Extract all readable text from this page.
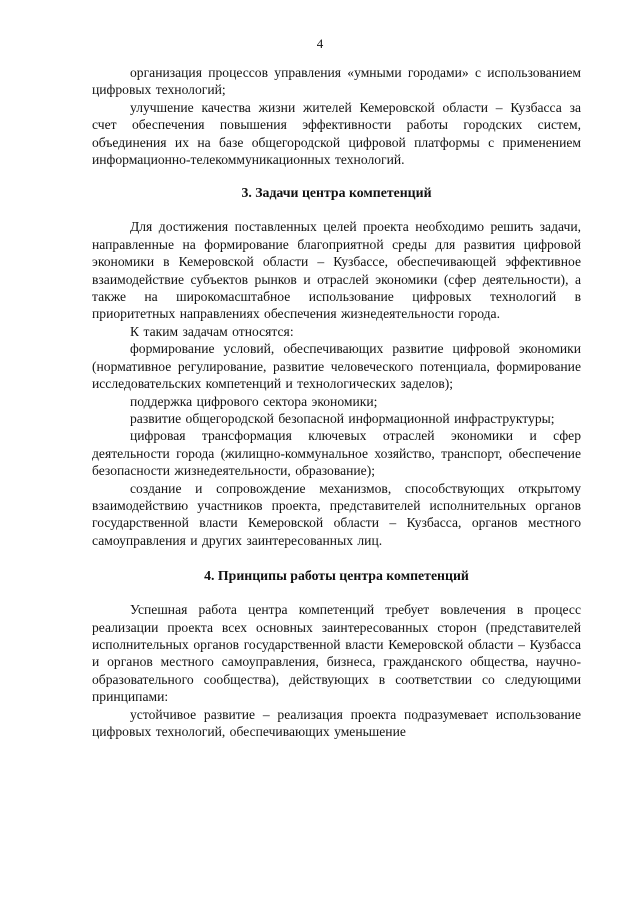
4

организация процессов управления «умными городами» с использованием цифровых технологий;

улучшение качества жизни жителей Кемеровской области – Кузбасса за счет обеспечения повышения эффективности работы городских систем, объединения их на базе общегородской цифровой платформы с применением информационно-телекоммуникационных технологий.

3. Задачи центра компетенций

Для достижения поставленных целей проекта необходимо решить задачи, направленные на формирование благоприятной среды для развития цифровой экономики в Кемеровской области – Кузбассе, обеспечивающей эффективное взаимодействие субъектов рынков и отраслей экономики (сфер деятельности), а также на широкомасштабное использование цифровых технологий в приоритетных направлениях обеспечения жизнедеятельности города.

К таким задачам относятся:

формирование условий, обеспечивающих развитие цифровой экономики (нормативное регулирование, развитие человеческого потенциала, формирование исследовательских компетенций и технологических заделов);

поддержка цифрового сектора экономики;

развитие общегородской безопасной информационной инфраструктуры;

цифровая трансформация ключевых отраслей экономики и сфер деятельности города (жилищно-коммунальное хозяйство, транспорт, обеспечение безопасности жизнедеятельности, образование);

создание и сопровождение механизмов, способствующих открытому взаимодействию участников проекта, представителей исполнительных органов государственной власти Кемеровской области – Кузбасса, органов местного самоуправления и других заинтересованных лиц.

4. Принципы работы центра компетенций

Успешная работа центра компетенций требует вовлечения в процесс реализации проекта всех основных заинтересованных сторон (представителей исполнительных органов государственной власти Кемеровской области – Кузбасса и органов местного самоуправления, бизнеса, гражданского общества, научно-образовательного сообщества), действующих в соответствии со следующими принципами:

устойчивое развитие – реализация проекта подразумевает использование цифровых технологий, обеспечивающих уменьшение
